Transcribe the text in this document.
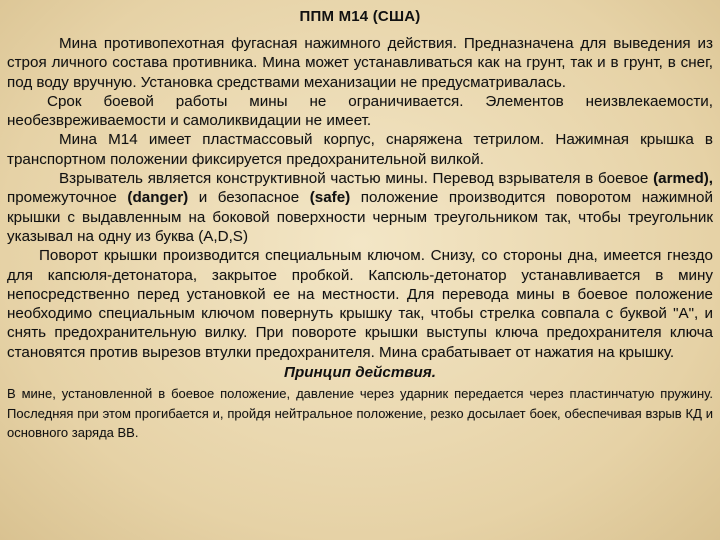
ППМ М14 (США)

Мина противопехотная фугасная нажимного действия. Предназначена для выведения из строя личного состава противника. Мина может устанавливаться как на грунт, так и в грунт, в снег, под воду вручную. Установка средствами механизации не предусматривалась.

Срок боевой работы мины не ограничивается. Элементов неизвлекаемости, необезвреживаемости и самоликвидации не имеет.

Мина М14 имеет пластмассовый корпус, снаряжена тетрилом. Нажимная крышка в транспортном положении фиксируется предохранительной вилкой.

Взрыватель является конструктивной частью мины. Перевод взрывателя в боевое (armed), промежуточное (danger) и безопасное (safe) положение производится поворотом нажимной крышки с выдавленным на боковой поверхности черным треугольником так, чтобы треугольник указывал на одну из буква (A,D,S)

Поворот крышки производится специальным ключом. Снизу, со стороны дна, имеется гнездо для капсюля-детонатора, закрытое пробкой. Капсюль-детонатор устанавливается в мину непосредственно перед установкой ее на местности. Для перевода мины в боевое положение необходимо специальным ключом повернуть крышку так, чтобы стрелка совпала с буквой "А", и снять предохранительную вилку. При повороте крышки выступы ключа предохранителя ключа становятся против вырезов втулки предохранителя. Мина срабатывает от нажатия на крышку.

Принцип действия.

В мине, установленной в боевое положение, давление через ударник передается через пластинчатую пружину. Последняя при этом прогибается и, пройдя нейтральное положение, резко досылает боек, обеспечивая взрыв КД и основного заряда ВВ.
